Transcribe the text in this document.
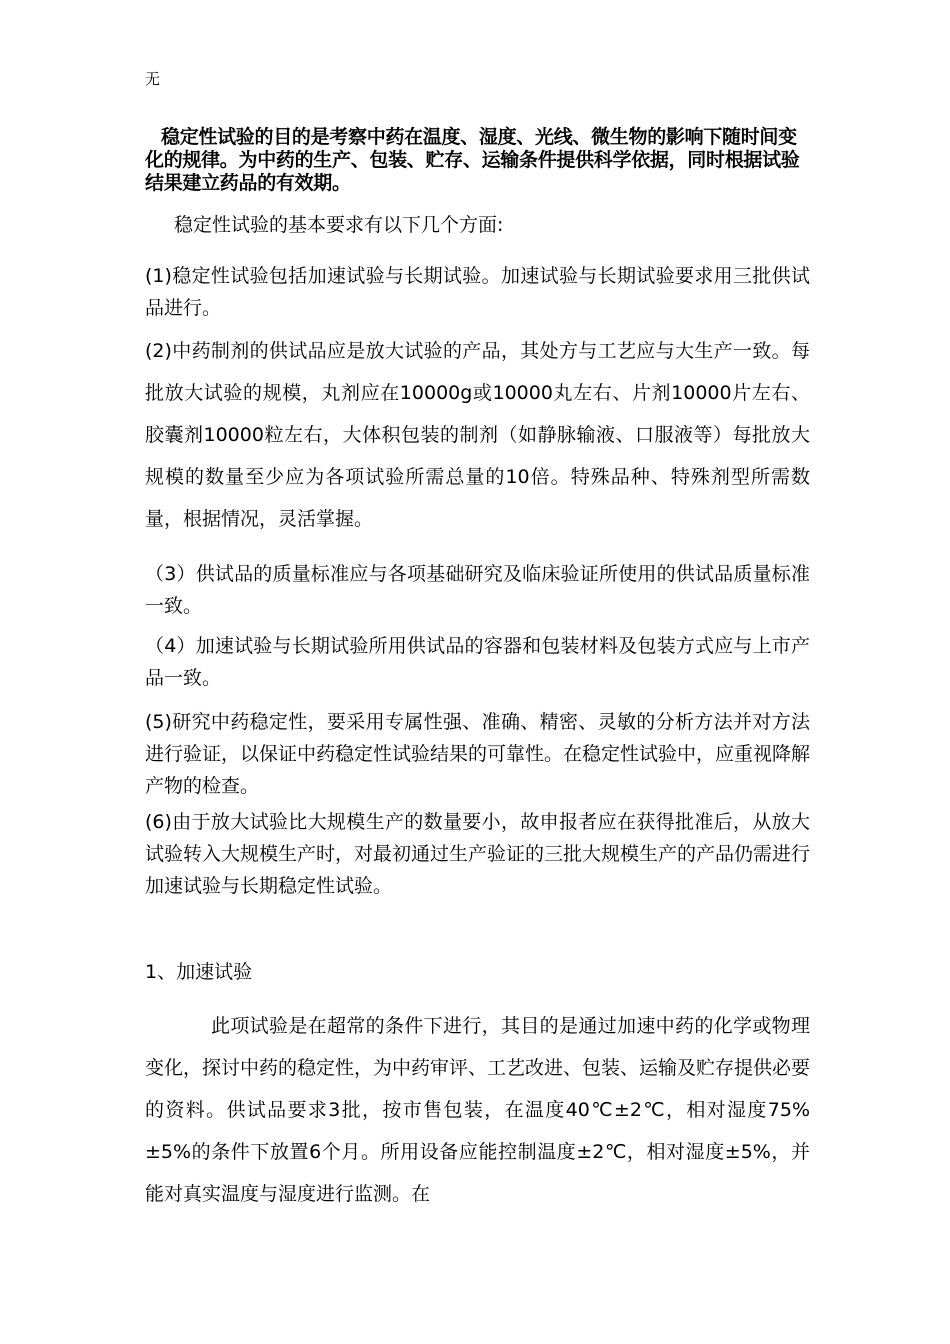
无

稳定性试验的目的是考察中药在温度、湿度、光线、微生物的影响下随时间变化的规律。为中药的生产、包装、贮存、运输条件提供科学依据，同时根据试验结果建立药品的有效期。

稳定性试验的基本要求有以下几个方面:

(1)稳定性试验包括加速试验与长期试验。加速试验与长期试验要求用三批供试品进行。

(2)中药制剂的供试品应是放大试验的产品，其处方与工艺应与大生产一致。每批放大试验的规模，丸剂应在10000g或10000丸左右、片剂10000片左右、胶囊剂10000粒左右，大体积包装的制剂（如静脉输液、口服液等）每批放大规模的数量至少应为各项试验所需总量的10倍。特殊品种、特殊剂型所需数量，根据情况，灵活掌握。

（3）供试品的质量标准应与各项基础研究及临床验证所使用的供试品质量标准一致。

（4）加速试验与长期试验所用供试品的容器和包装材料及包装方式应与上市产品一致。

(5)研究中药稳定性，要采用专属性强、准确、精密、灵敏的分析方法并对方法进行验证，以保证中药稳定性试验结果的可靠性。在稳定性试验中，应重视降解产物的检查。

(6)由于放大试验比大规模生产的数量要小，故申报者应在获得批准后，从放大试验转入大规模生产时，对最初通过生产验证的三批大规模生产的产品仍需进行加速试验与长期稳定性试验。

1、加速试验

此项试验是在超常的条件下进行，其目的是通过加速中药的化学或物理变化，探讨中药的稳定性，为中药审评、工艺改进、包装、运输及贮存提供必要的资料。供试品要求3批，按市售包装，在温度40℃±2℃，相对湿度75%±5%的条件下放置6个月。所用设备应能控制温度±2℃，相对湿度±5%，并能对真实温度与湿度进行监测。在
